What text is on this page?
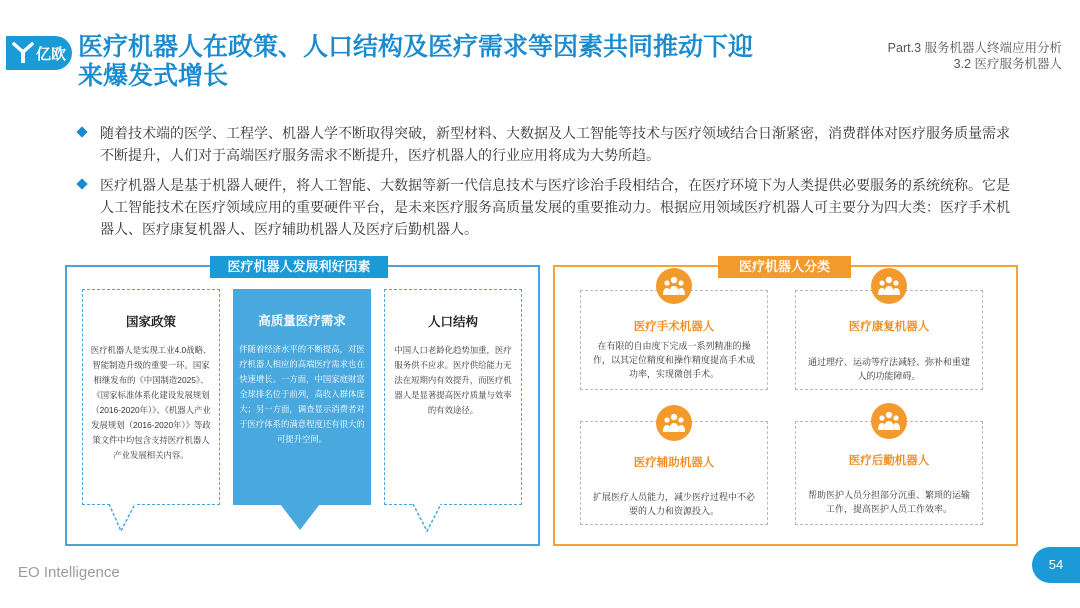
亿欧 医疗机器人在政策、人口结构及医疗需求等因素共同推动下迎
来爆发式增长
Part.3 服务机器人终端应用分析
3.2 医疗服务机器人
随着技术端的医学、工程学、机器人学不断取得突破，新型材料、大数据及人工智能等技术与医疗领域结合日渐紧密，消费群体对医疗服务质量需求不断提升，人们对于高端医疗服务需求不断提升，医疗机器人的行业应用将成为大势所趋。
医疗机器人是基于机器人硬件，将人工智能、大数据等新一代信息技术与医疗诊治手段相结合，在医疗环境下为人类提供必要服务的系统统称。它是人工智能技术在医疗领域应用的重要硬件平台，是未来医疗服务高质量发展的重要推动力。根据应用领域医疗机器人可主要分为四大类：医疗手术机器人、医疗康复机器人、医疗辅助机器人及医疗后勤机器人。
医疗机器人发展利好因素
国家政策

医疗机器人是实现工业4.0战略、智能制造升级的重要一环。国家相继发布的《中国制造2025》、《国家标准体系化建设发展规划（2016-2020年）》、《机器人产业发展规划（2016-2020年）》等政策文件中均包含支持医疗机器人产业发展相关内容。

高质量医疗需求

伴随着经济水平的不断提高，对医疗机器人相应的高端医疗需求也在快速增长。一方面，中国家庭财富全球排名位于前列，高收入群体庞大；另一方面，调查显示消费者对于医疗体系的满意程度还有很大的可提升空间。

人口结构

中国人口老龄化趋势加重，医疗服务供不应求。医疗供给能力无法在短期内有效提升，而医疗机器人是显著提高医疗质量与效率的有效途径。

医疗机器人分类
医疗手术机器人

在有限的自由度下完成一系列精准的操作，以其定位精度和操作精度提高手术成功率，实现微创手术。

医疗康复机器人

通过理疗、运动等疗法减轻、弥补和重建人的功能障碍。

医疗辅助机器人

扩展医疗人员能力，减少医疗过程中不必要的人力和资源投入。

医疗后勤机器人

帮助医护人员分担部分沉重、繁琐的运输工作，提高医护人员工作效率。

EO Intelligence	54
